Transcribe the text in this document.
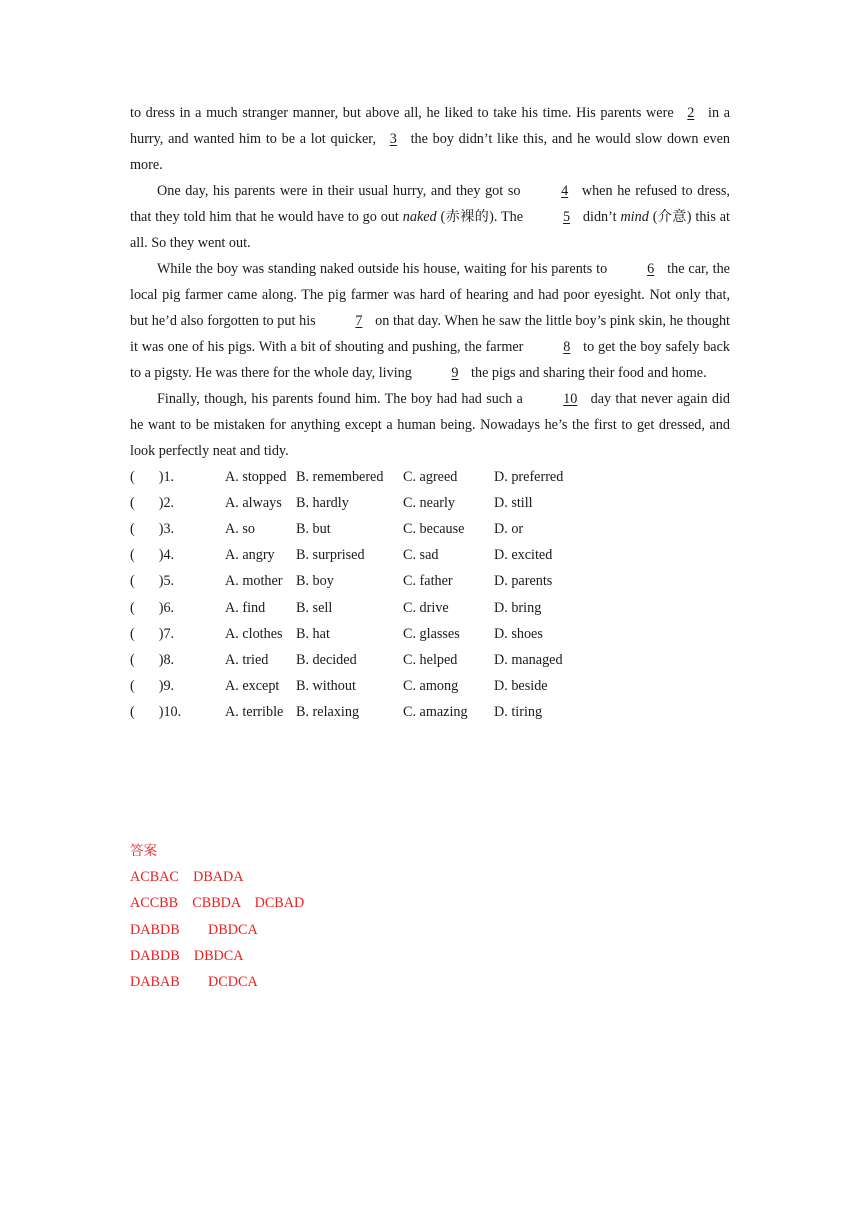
to dress in a much stranger manner, but above all, he liked to take his time. His parents were 2 in a hurry, and wanted him to be a lot quicker, 3 the boy didn’t like this, and he would slow down even more.

One day, his parents were in their usual hurry, and they got so	4 when he refused to dress, that they told him that he would have to go out naked (赤裸的). The	5 didn’t mind (介意) this at all. So they went out.

While the boy was standing naked outside his house, waiting for his parents to	6 the car, the local pig farmer came along. The pig farmer was hard of hearing and had poor eyesight. Not only that, but he’d also forgotten to put his	7 on that day. When he saw the little boy’s pink skin, he thought it was one of his pigs. With a bit of shouting and pushing, the farmer	8 to get the boy safely back to a pigsty. He was there for the whole day, living	9 the pigs and sharing their food and home.

Finally, though, his parents found him. The boy had had such a	10 day that never again did he want to be mistaken for anything except a human being. Nowadays he’s the first to get dressed, and look perfectly neat and tidy.

( )1.	A. stopped	B. remembered	C. agreed	D. preferred
( )2.	A. always	B. hardly	C. nearly	D. still
( )3.	A. so	B. but	C. because	D. or
( )4.	A. angry	B. surprised	C. sad	D. excited
( )5.	A. mother	B. boy	C. father	D. parents
( )6.	A. find	B. sell	C. drive	D. bring
( )7.	A. clothes	B. hat	C. glasses	D. shoes
( )8.	A. tried	B. decided	C. helped	D. managed
( )9.	A. except	B. without	C. among	D. beside
( )10.	A. terrible	B. relaxing	C. amazing	D. tiring
答案
ACBAC    DBADA
ACCBB    CBBDA    DCBAD
DABDB        DBDCA
DABDB    DBDCA
DABAB        DCDCA
